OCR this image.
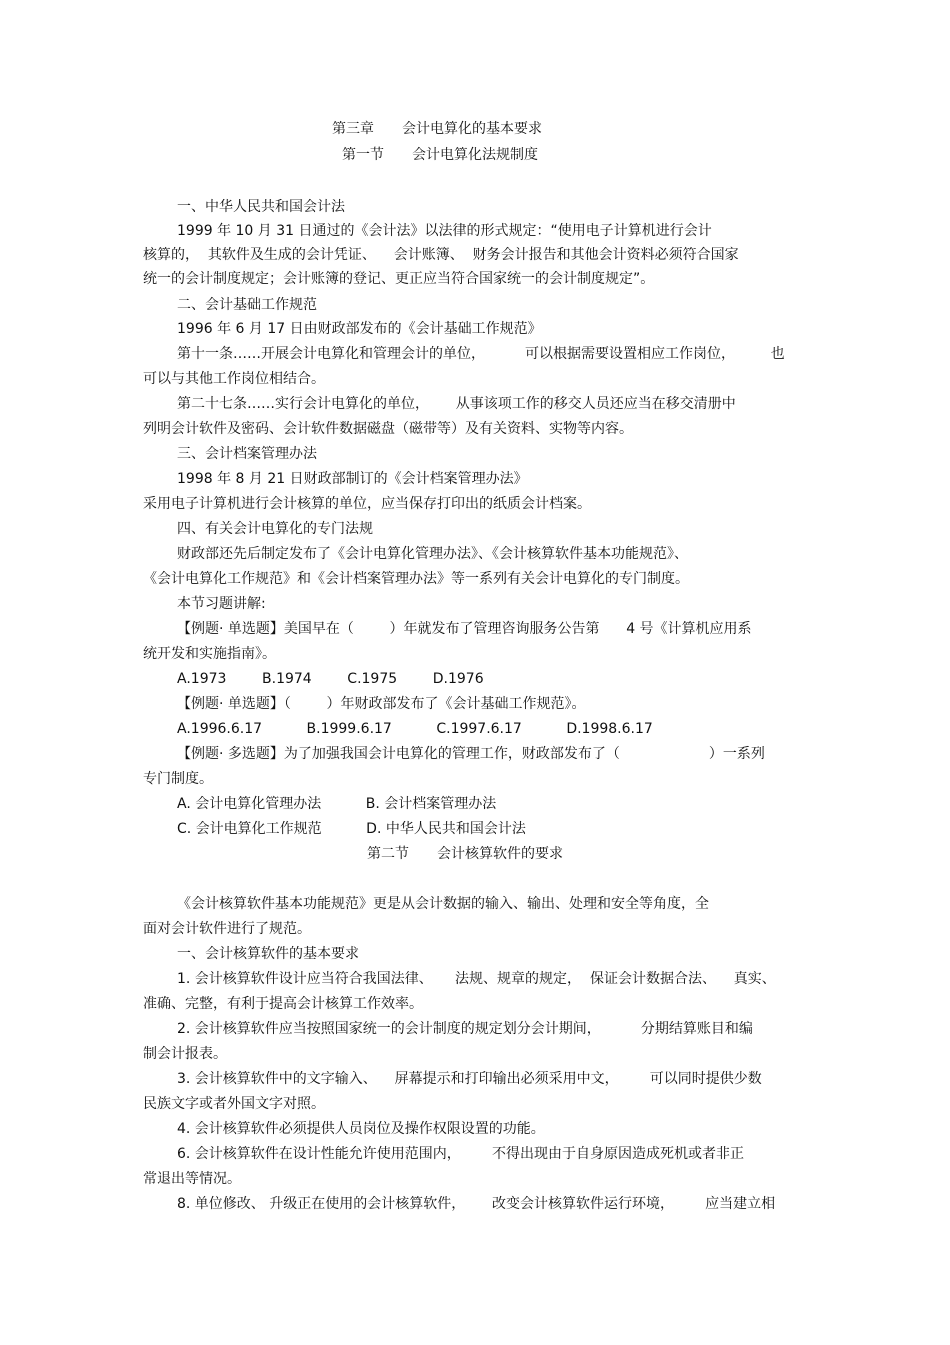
第三章　　会计电算化的基本要求
第一节　　会计电算化法规制度
一、中华人民共和国会计法
1999 年 10 月 31 日通过的《会计法》以法律的形式规定：“使用电子计算机进行会计
核算的，  其软件及生成的会计凭证、    会计账簿、  财务会计报告和其他会计资料必须符合国家
统一的会计制度规定；会计账簿的登记、更正应当符合国家统一的会计制度规定”。
二、会计基础工作规范
1996 年 6 月 17 日由财政部发布的《会计基础工作规范》
第十一条……开展会计电算化和管理会计的单位，         可以根据需要设置相应工作岗位，        也
可以与其他工作岗位相结合。
第二十七条……实行会计电算化的单位，      从事该项工作的移交人员还应当在移交清册中
列明会计软件及密码、会计软件数据磁盘（磁带等）及有关资料、实物等内容。
三、会计档案管理办法
1998 年 8 月 21 日财政部制订的《会计档案管理办法》
采用电子计算机进行会计核算的单位，应当保存打印出的纸质会计档案。
四、有关会计电算化的专门法规
财政部还先后制定发布了《会计电算化管理办法》、《会计核算软件基本功能规范》、
《会计电算化工作规范》和《会计档案管理办法》等一系列有关会计电算化的专门制度。
本节习题讲解:
【例题· 单选题】美国早在（        ）年就发布了管理咨询服务公告第      4 号《计算机应用系
统开发和实施指南》。
A.1973        B.1974        C.1975        D.1976
【例题· 单选题】（        ）年财政部发布了《会计基础工作规范》。
A.1996.6.17          B.1999.6.17          C.1997.6.17          D.1998.6.17
【例题· 多选题】为了加强我国会计电算化的管理工作，财政部发布了（                    ）一系列
专门制度。
A. 会计电算化管理办法          B. 会计档案管理办法
C. 会计电算化工作规范          D. 中华人民共和国会计法
第二节　　会计核算软件的要求
《会计核算软件基本功能规范》更是从会计数据的输入、输出、处理和安全等角度，全
面对会计软件进行了规范。
一、会计核算软件的基本要求
1. 会计核算软件设计应当符合我国法律、     法规、规章的规定，  保证会计数据合法、    真实、
准确、完整，有利于提高会计核算工作效率。
2. 会计核算软件应当按照国家统一的会计制度的规定划分会计期间，         分期结算账目和编
制会计报表。
3. 会计核算软件中的文字输入、    屏幕提示和打印输出必须采用中文，       可以同时提供少数
民族文字或者外国文字对照。
4. 会计核算软件必须提供人员岗位及操作权限设置的功能。
6. 会计核算软件在设计性能允许使用范围内，       不得出现由于自身原因造成死机或者非正
常退出等情况。
8. 单位修改、 升级正在使用的会计核算软件，      改变会计核算软件运行环境，       应当建立相
